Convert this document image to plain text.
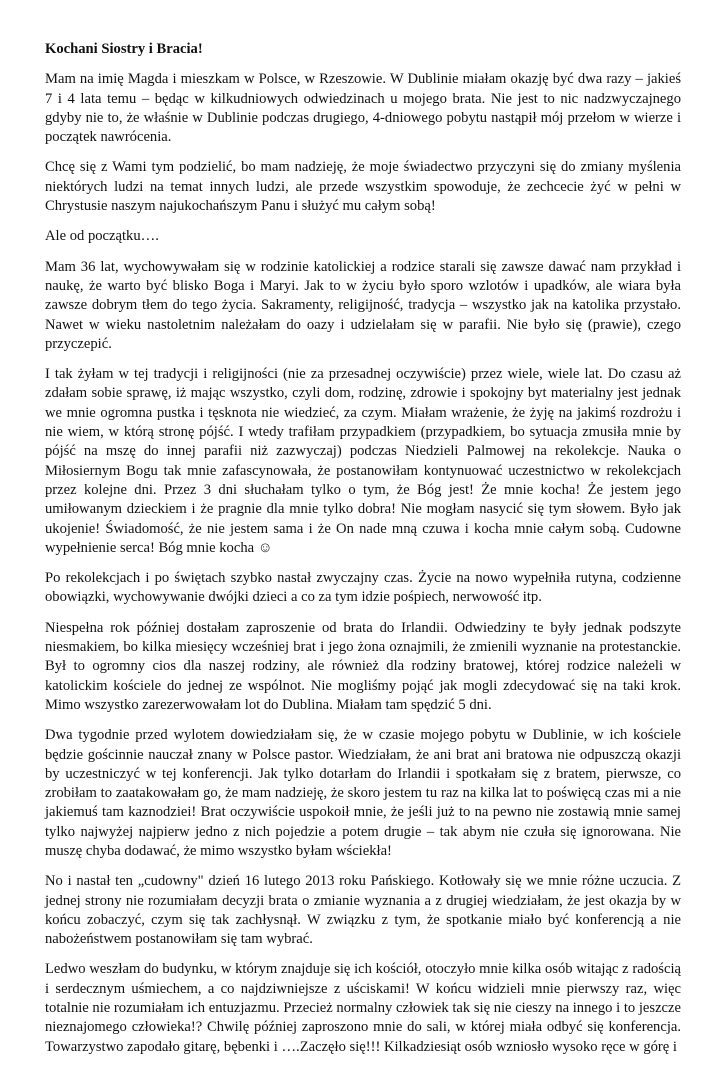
Kochani Siostry i Bracia!

Mam na imię Magda i mieszkam w Polsce, w Rzeszowie. W Dublinie miałam okazję być dwa razy – jakieś 7 i 4 lata temu – będąc w kilkudniowych odwiedzinach u mojego brata. Nie jest to nic nadzwyczajnego gdyby nie to, że właśnie w Dublinie podczas drugiego, 4-dniowego pobytu nastąpił mój przełom w wierze i początek nawrócenia.

Chcę się z Wami tym podzielić, bo mam nadzieję, że moje świadectwo przyczyni się do zmiany myślenia niektórych ludzi na temat innych ludzi, ale przede wszystkim spowoduje, że zechcecie żyć w pełni w Chrystusie naszym najukochańszym Panu i służyć mu całym sobą!

Ale od początku….

Mam 36 lat, wychowywałam się w rodzinie katolickiej a rodzice starali się zawsze dawać nam przykład i naukę, że warto być blisko Boga i Maryi. Jak to w życiu było sporo wzlotów i upadków, ale wiara była zawsze dobrym tłem do tego życia. Sakramenty, religijność, tradycja – wszystko jak na katolika przystało. Nawet w wieku nastoletnim należałam do oazy i udzielałam się w parafii. Nie było się (prawie), czego przyczepić.

I tak żyłam w tej tradycji i religijności (nie za przesadnej oczywiście) przez wiele, wiele lat. Do czasu aż zdałam sobie sprawę, iż mając wszystko, czyli dom, rodzinę, zdrowie i spokojny byt materialny jest jednak we mnie ogromna pustka i tęsknota nie wiedzieć, za czym. Miałam wrażenie, że żyję na jakimś rozdrożu i nie wiem, w którą stronę pójść. I wtedy trafiłam przypadkiem (przypadkiem, bo sytuacja zmusiła mnie by pójść na mszę do innej parafii niż zazwyczaj) podczas Niedzieli Palmowej na rekolekcje. Nauka o Miłosiernym Bogu tak mnie zafascynowała, że postanowiłam kontynuować uczestnictwo w rekolekcjach przez kolejne dni. Przez 3 dni słuchałam tylko o tym, że Bóg jest! Że mnie kocha! Że jestem jego umiłowanym dzieckiem i że pragnie dla mnie tylko dobra! Nie mogłam nasycić się tym słowem. Było jak ukojenie! Świadomość, że nie jestem sama i że On nade mną czuwa i kocha mnie całym sobą. Cudowne wypełnienie serca! Bóg mnie kocha ☺

Po rekolekcjach i po świętach szybko nastał zwyczajny czas. Życie na nowo wypełniła rutyna, codzienne obowiązki, wychowywanie dwójki dzieci a co za tym idzie pośpiech, nerwowość itp.

Niespełna rok później dostałam zaproszenie od brata do Irlandii. Odwiedziny te były jednak podszyte niesmakiem, bo kilka miesięcy wcześniej brat i jego żona oznajmili, że zmienili wyznanie na protestanckie. Był to ogromny cios dla naszej rodziny, ale również dla rodziny bratowej, której rodzice należeli w katolickim kościele do jednej ze wspólnot. Nie mogliśmy pojąć jak mogli zdecydować się na taki krok. Mimo wszystko zarezerwowałam lot do Dublina. Miałam tam spędzić 5 dni.

Dwa tygodnie przed wylotem dowiedziałam się, że w czasie mojego pobytu w Dublinie, w ich kościele będzie gościnnie nauczał znany w Polsce pastor. Wiedziałam, że ani brat ani bratowa nie odpuszczą okazji by uczestniczyć w tej konferencji. Jak tylko dotarłam do Irlandii i spotkałam się z bratem, pierwsze, co zrobiłam to zaatakowałam go, że mam nadzieję, że skoro jestem tu raz na kilka lat to poświęcą czas mi a nie jakiemuś tam kaznodziei! Brat oczywiście uspokoił mnie, że jeśli już to na pewno nie zostawią mnie samej tylko najwyżej najpierw jedno z nich pojedzie a potem drugie – tak abym nie czuła się ignorowana. Nie muszę chyba dodawać, że mimo wszystko byłam wściekła!

No i nastał ten „cudowny" dzień 16 lutego 2013 roku Pańskiego. Kotłowały się we mnie różne uczucia. Z jednej strony nie rozumiałam decyzji brata o zmianie wyznania a z drugiej wiedziałam, że jest okazja by w końcu zobaczyć, czym się tak zachłysnął. W związku z tym, że spotkanie miało być konferencją a nie nabożeństwem postanowiłam się tam wybrać.

Ledwo weszłam do budynku, w którym znajduje się ich kościół, otoczyło mnie kilka osób witając z radością i serdecznym uśmiechem, a co najdziwniejsze z uściskami! W końcu widzieli mnie pierwszy raz, więc totalnie nie rozumiałam ich entuzjazmu. Przecież normalny człowiek tak się nie cieszy na innego i to jeszcze nieznajomego człowieka!? Chwilę później zaproszono mnie do sali, w której miała odbyć się konferencja. Towarzystwo zapodało gitarę, bębenki i ….Zaczęło się!!! Kilkadziesiąt osób wzniosło wysoko ręce w górę i
